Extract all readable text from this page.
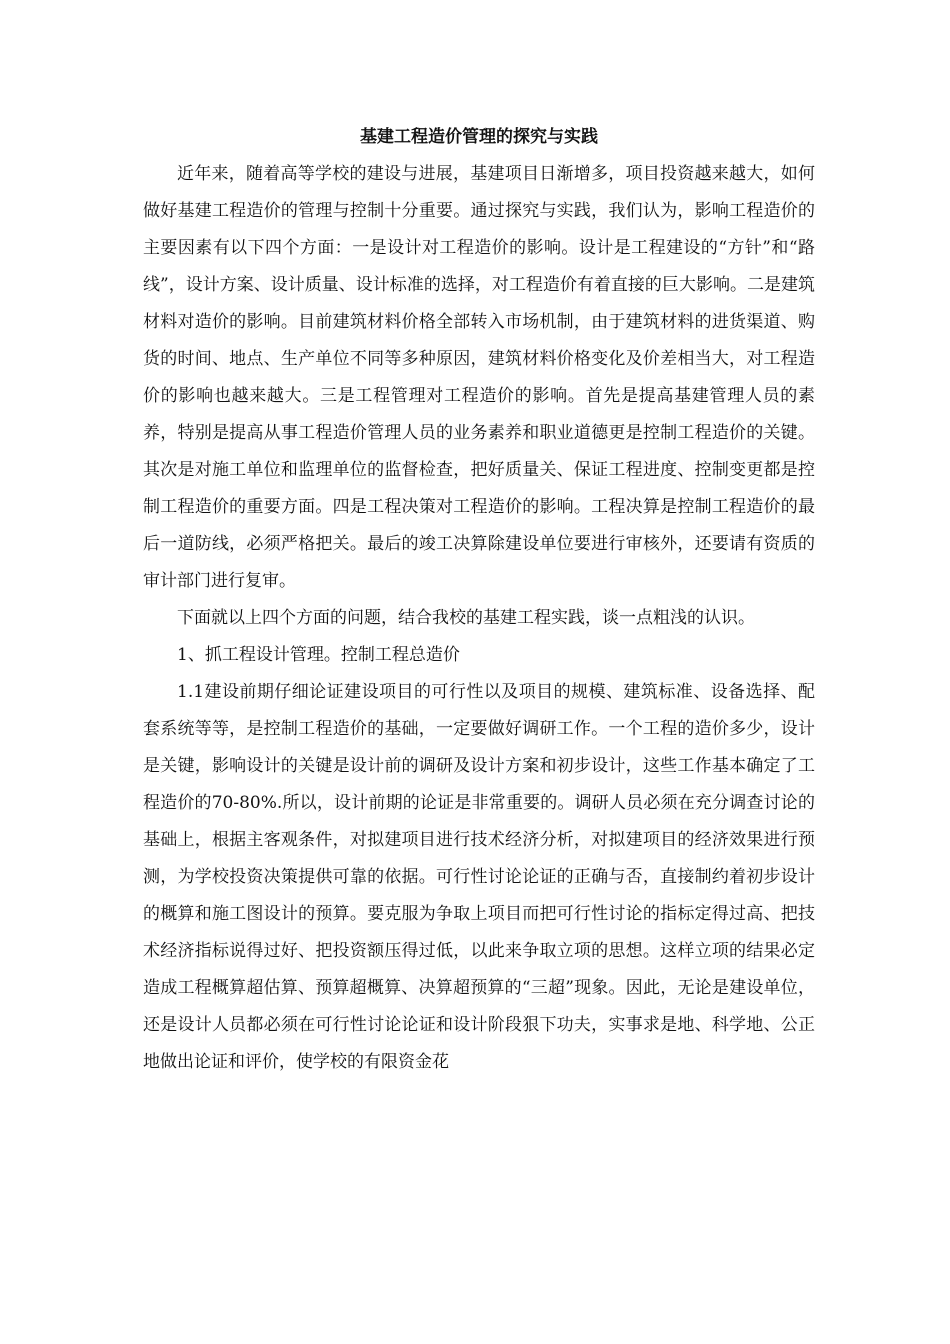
基建工程造价管理的探究与实践

近年来，随着高等学校的建设与进展，基建项目日渐增多，项目投资越来越大，如何做好基建工程造价的管理与控制十分重要。通过探究与实践，我们认为，影响工程造价的主要因素有以下四个方面：一是设计对工程造价的影响。设计是工程建设的“方针”和“路线”，设计方案、设计质量、设计标准的选择，对工程造价有着直接的巨大影响。二是建筑材料对造价的影响。目前建筑材料价格全部转入市场机制，由于建筑材料的进货渠道、购货的时间、地点、生产单位不同等多种原因，建筑材料价格变化及价差相当大，对工程造价的影响也越来越大。三是工程管理对工程造价的影响。首先是提高基建管理人员的素养，特别是提高从事工程造价管理人员的业务素养和职业道德更是控制工程造价的关键。其次是对施工单位和监理单位的监督检查，把好质量关、保证工程进度、控制变更都是控制工程造价的重要方面。四是工程决策对工程造价的影响。工程决算是控制工程造价的最后一道防线，必须严格把关。最后的竣工决算除建设单位要进行审核外，还要请有资质的审计部门进行复审。

下面就以上四个方面的问题，结合我校的基建工程实践，谈一点粗浅的认识。

1、抓工程设计管理。控制工程总造价

1.1建设前期仔细论证建设项目的可行性以及项目的规模、建筑标准、设备选择、配套系统等等，是控制工程造价的基础，一定要做好调研工作。一个工程的造价多少，设计是关键，影响设计的关键是设计前的调研及设计方案和初步设计，这些工作基本确定了工程造价的70-80%.所以，设计前期的论证是非常重要的。调研人员必须在充分调查讨论的基础上，根据主客观条件，对拟建项目进行技术经济分析，对拟建项目的经济效果进行预测，为学校投资决策提供可靠的依据。可行性讨论论证的正确与否，直接制约着初步设计的概算和施工图设计的预算。要克服为争取上项目而把可行性讨论的指标定得过高、把技术经济指标说得过好、把投资额压得过低，以此来争取立项的思想。这样立项的结果必定造成工程概算超估算、预算超概算、决算超预算的“三超”现象。因此，无论是建设单位，还是设计人员都必须在可行性讨论论证和设计阶段狠下功夫，实事求是地、科学地、公正地做出论证和评价，使学校的有限资金花
